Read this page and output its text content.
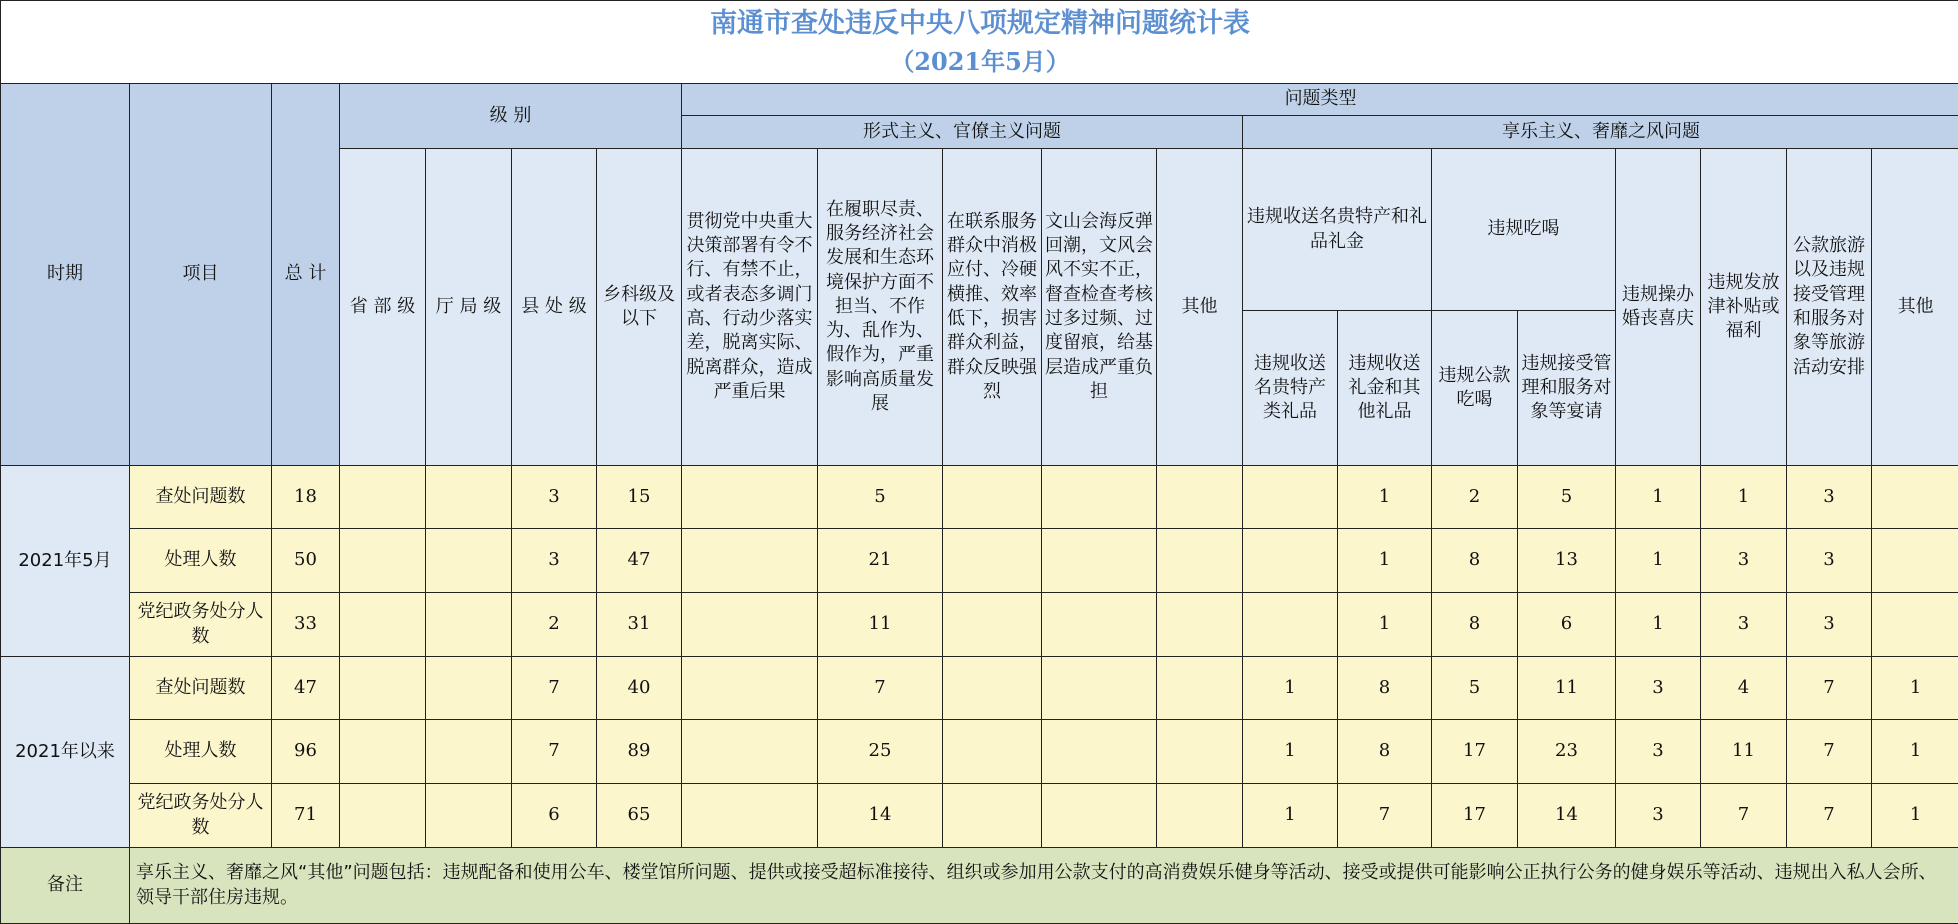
南通市查处违反中央八项规定精神问题统计表
（2021年5月）																			

时期	项目	总 计	级 别				问题类型												
							形式主义、官僚主义问题					享乐主义、奢靡之风问题							
			省 部 级	厅 局 级	县 处 级	乡科级及以下	贯彻党中央重大决策部署有令不行、有禁不止，或者表态多调门高、行动少落实差，脱离实际、脱离群众，造成严重后果	在履职尽责、服务经济社会发展和生态环境保护方面不担当、不作为、乱作为、假作为，严重影响高质量发展	在联系服务群众中消极应付、冷硬横推、效率低下，损害群众利益，群众反映强烈	文山会海反弹回潮，文风会风不实不正，督查检查考核过多过频、过度留痕，给基层造成严重负担	其他	违规收送名贵特产和礼品礼金		违规吃喝		违规操办婚丧喜庆	违规发放津补贴或福利	公款旅游以及违规接受管理和服务对象等旅游活动安排	其他
												违规收送名贵特产类礼品	违规收送礼金和其他礼品	违规公款吃喝	违规接受管理和服务对象等宴请				
2021年5月	查处问题数	18			3	15		5					1	2	5	1	1	3	
	处理人数	50			3	47		21					1	8	13	1	3	3	
	党纪政务处分人数	33			2	31		11					1	8	6	1	3	3	
2021年以来	查处问题数	47			7	40		7				1	8	5	11	3	4	7	1
	处理人数	96			7	89		25				1	8	17	23	3	11	7	1
	党纪政务处分人数	71			6	65		14				1	7	17	14	3	7	7	1
备注	享乐主义、奢靡之风“其他”问题包括：违规配备和使用公车、楼堂馆所问题、提供或接受超标准接待、组织或参加用公款支付的高消费娱乐健身等活动、接受或提供可能影响公正执行公务的健身娱乐等活动、违规出入私人会所、领导干部住房违规。																		
